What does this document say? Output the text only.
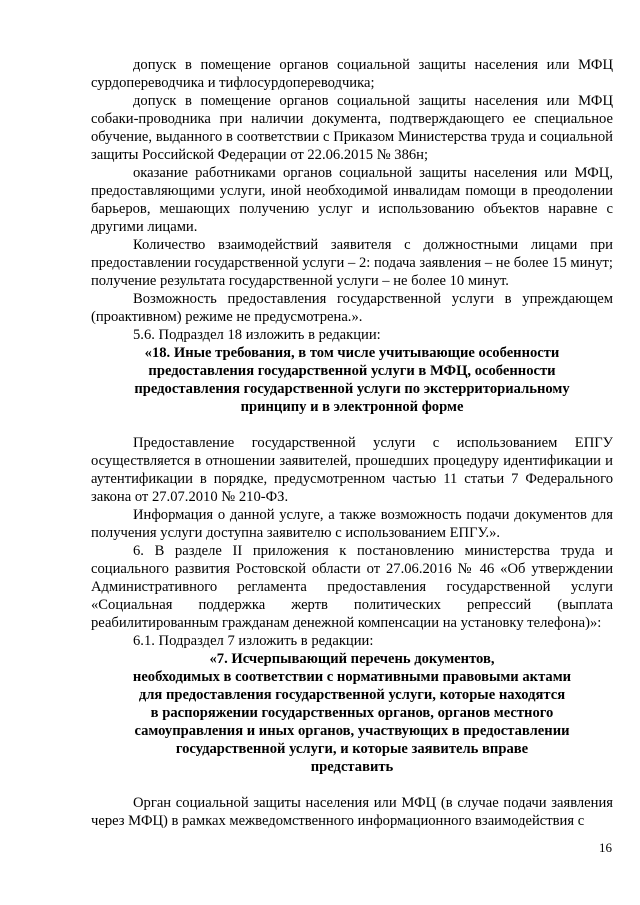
допуск в помещение органов социальной защиты населения или МФЦ сурдопереводчика и тифлосурдопереводчика;

допуск в помещение органов социальной защиты населения или МФЦ собаки-проводника при наличии документа, подтверждающего ее специальное обучение, выданного в соответствии с Приказом Министерства труда и социальной защиты Российской Федерации от 22.06.2015 № 386н;

оказание работниками органов социальной защиты населения или МФЦ, предоставляющими услуги, иной необходимой инвалидам помощи в преодолении барьеров, мешающих получению услуг и использованию объектов наравне с другими лицами.

Количество взаимодействий заявителя с должностными лицами при предоставлении государственной услуги – 2: подача заявления – не более 15 минут; получение результата государственной услуги – не более 10 минут.

Возможность предоставления государственной услуги в упреждающем (проактивном) режиме не предусмотрена.».

5.6. Подраздел 18 изложить в редакции:

«18. Иные требования, в том числе учитывающие особенности

предоставления государственной услуги в МФЦ, особенности

предоставления государственной услуги по экстерриториальному

принципу и в электронной форме

Предоставление государственной услуги с использованием ЕПГУ осуществляется в отношении заявителей, прошедших процедуру идентификации и аутентификации в порядке, предусмотренном частью 11 статьи 7 Федерального закона от 27.07.2010 № 210-ФЗ.

Информация о данной услуге, а также возможность подачи документов для получения услуги доступна заявителю с использованием ЕПГУ.».

6. В разделе II приложения к постановлению министерства труда и социального развития Ростовской области от 27.06.2016 № 46 «Об утверждении Административного регламента предоставления государственной услуги «Социальная поддержка жертв политических репрессий (выплата реабилитированным гражданам денежной компенсации на установку телефона)»:

6.1. Подраздел 7 изложить в редакции:

«7. Исчерпывающий перечень документов,

необходимых в соответствии с нормативными правовыми актами

для предоставления государственной услуги, которые находятся

в распоряжении государственных органов, органов местного

самоуправления и иных органов, участвующих в предоставлении

государственной услуги, и которые заявитель вправе

представить

Орган социальной защиты населения или МФЦ (в случае подачи заявления через МФЦ) в рамках межведомственного информационного взаимодействия с

16
